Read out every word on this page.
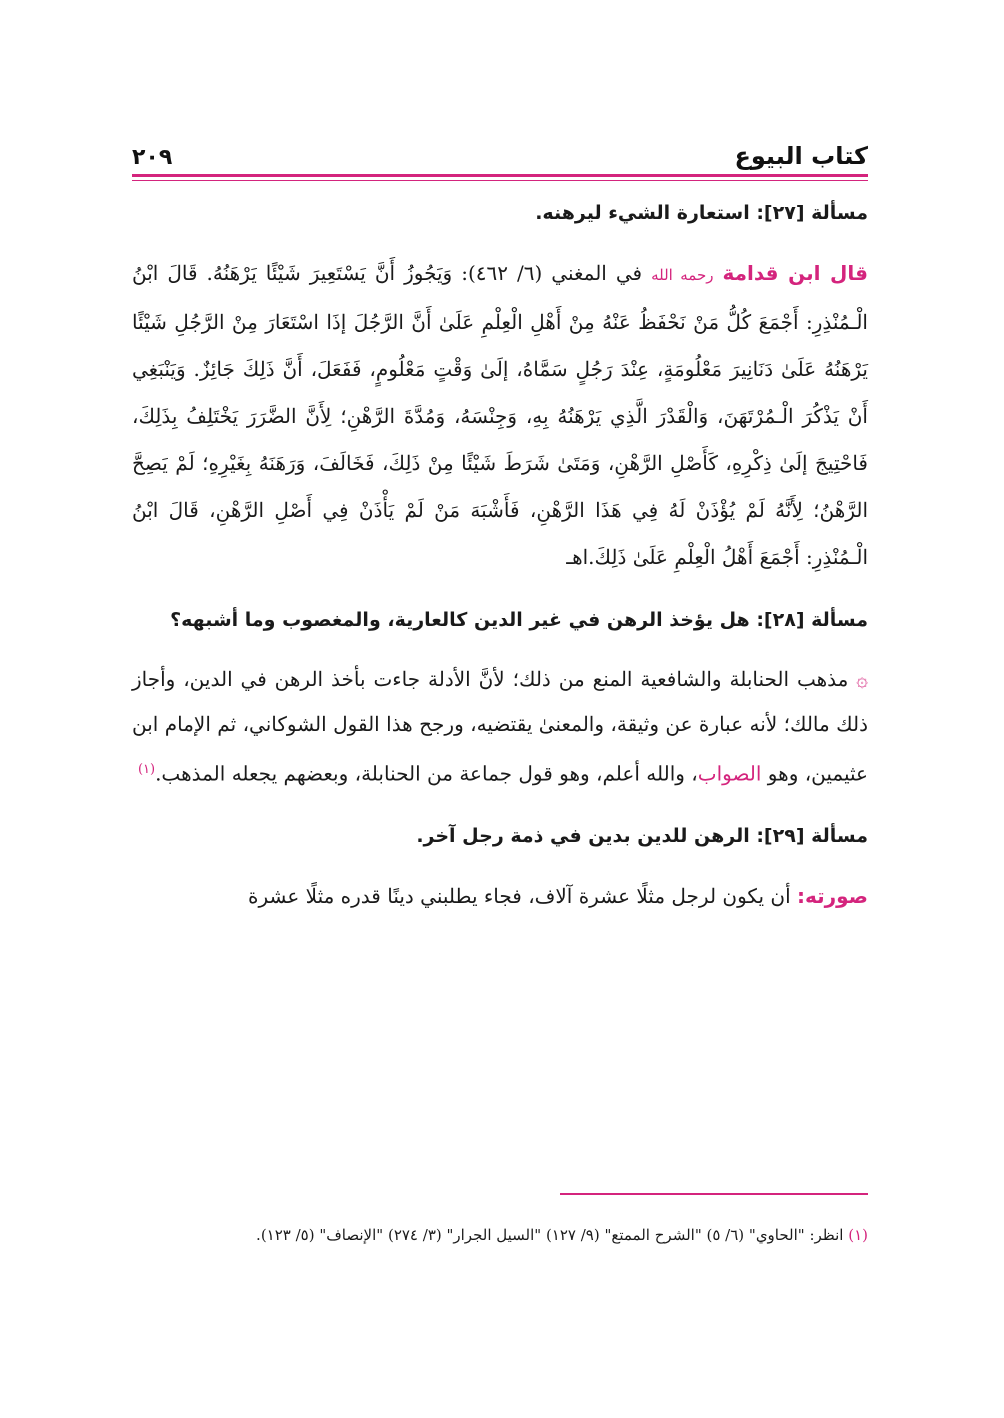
كتاب البيوع
٢٠٩
مسألة [٢٧]: استعارة الشيء ليرهنه.

قال ابن قدامة رحمه الله في المغني (٦/ ٤٦٢): وَيَجُوزُ أَنَّ يَسْتَعِيرَ شَيْئًا يَرْهَنُهُ. قَالَ ابْنُ الْـمُنْذِرِ: أَجْمَعَ كُلُّ مَنْ نَحْفَظُ عَنْهُ مِنْ أَهْلِ الْعِلْمِ عَلَىٰ أَنَّ الرَّجُلَ إذَا اسْتَعَارَ مِنْ الرَّجُلِ شَيْئًا يَرْهَنُهُ عَلَىٰ دَنَانِيرَ مَعْلُومَةٍ، عِنْدَ رَجُلٍ سَمَّاهُ، إلَىٰ وَقْتٍ مَعْلُومٍ، فَفَعَلَ، أَنَّ ذَلِكَ جَائِزٌ. وَيَنْبَغِي أَنْ يَذْكُرَ الْـمُرْتَهَنَ، وَالْقَدْرَ الَّذِي يَرْهَنُهُ بِهِ، وَجِنْسَهُ، وَمُدَّةَ الرَّهْنِ؛ لِأَنَّ الضَّرَرَ يَخْتَلِفُ بِذَلِكَ، فَاحْتِيجَ إلَىٰ ذِكْرِهِ، كَأَصْلِ الرَّهْنِ، وَمَتَىٰ شَرَطَ شَيْئًا مِنْ ذَلِكَ، فَخَالَفَ، وَرَهَنَهُ بِغَيْرِهِ؛ لَمْ يَصِحَّ الرَّهْنُ؛ لِأَنَّهُ لَمْ يُؤْذَنْ لَهُ فِي هَذَا الرَّهْنِ، فَأَشْبَهَ مَنْ لَمْ يَأْذَنْ فِي أَصْلِ الرَّهْنِ، قَالَ ابْنُ الْـمُنْذِرِ: أَجْمَعَ أَهْلُ الْعِلْمِ عَلَىٰ ذَلِكَ.اهـ

مسألة [٢٨]: هل يؤخذ الرهن في غير الدين كالعارية، والمغصوب وما أشبهه؟

۞ مذهب الحنابلة والشافعية المنع من ذلك؛ لأنَّ الأدلة جاءت بأخذ الرهن في الدين، وأجاز ذلك مالك؛ لأنه عبارة عن وثيقة، والمعنىٰ يقتضيه، ورجح هذا القول الشوكاني، ثم الإمام ابن عثيمين، وهو الصواب، والله أعلم، وهو قول جماعة من الحنابلة، وبعضهم يجعله المذهب.$^{(١)}$

مسألة [٢٩]: الرهن للدين بدين في ذمة رجل آخر.

صورته: أن يكون لرجل مثلًا عشرة آلاف، فجاء يطلبني دينًا قدره مثلًا عشرة

(١) انظر: "الحاوي" (٦/ ٥) "الشرح الممتع" (٩/ ١٢٧) "السيل الجرار" (٣/ ٢٧٤) "الإنصاف" (٥/ ١٢٣).
